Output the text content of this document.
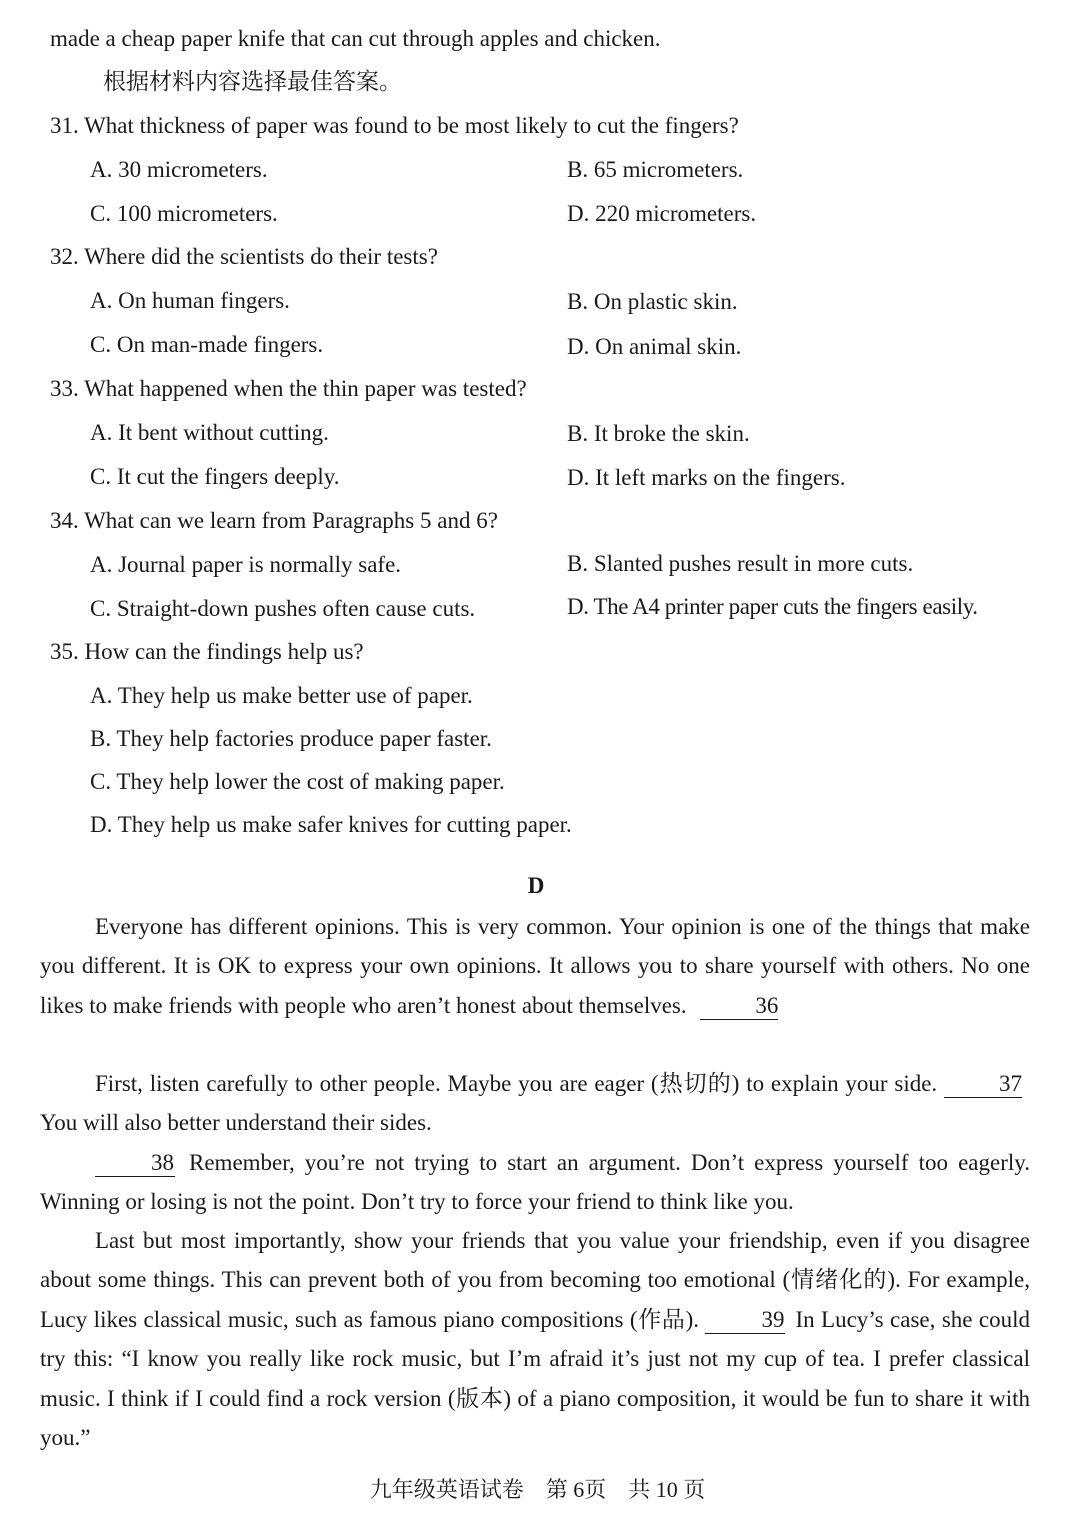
made a cheap paper knife that can cut through apples and chicken.
根据材料内容选择最佳答案。
31. What thickness of paper was found to be most likely to cut the fingers?
A. 30 micrometers.	B. 65 micrometers.
C. 100 micrometers.	D. 220 micrometers.
32. Where did the scientists do their tests?
A. On human fingers.	B. On plastic skin.
C. On man-made fingers.	D. On animal skin.
33. What happened when the thin paper was tested?
A. It bent without cutting.	B. It broke the skin.
C. It cut the fingers deeply.	D. It left marks on the fingers.
34. What can we learn from Paragraphs 5 and 6?
A. Journal paper is normally safe.	B. Slanted pushes result in more cuts.
C. Straight-down pushes often cause cuts.	D. The A4 printer paper cuts the fingers easily.
35. How can the findings help us?
A. They help us make better use of paper.
B. They help factories produce paper faster.
C. They help lower the cost of making paper.
D. They help us make safer knives for cutting paper.
D
Everyone has different opinions. This is very common. Your opinion is one of the things that make you different. It is OK to express your own opinions. It allows you to share yourself with others. No one likes to make friends with people who aren’t honest about themselves.	36
First, listen carefully to other people. Maybe you are eager (热切的) to explain your side.	37You will also better understand their sides.
38 Remember, you’re not trying to start an argument. Don’t express yourself too eagerly. Winning or losing is not the point. Don’t try to force your friend to think like you.
Last but most importantly, show your friends that you value your friendship, even if you disagree about some things. This can prevent both of you from becoming too emotional (情绪化的). For example, Lucy likes classical music, such as famous piano compositions (作品).	39 In Lucy’s case, she could try this: “I know you really like rock music, but I’m afraid it’s just not my cup of tea. I prefer classical music. I think if I could find a rock version (版本) of a piano composition, it would be fun to share it with you.”
九年级英语试卷　第 6页　共 10 页
